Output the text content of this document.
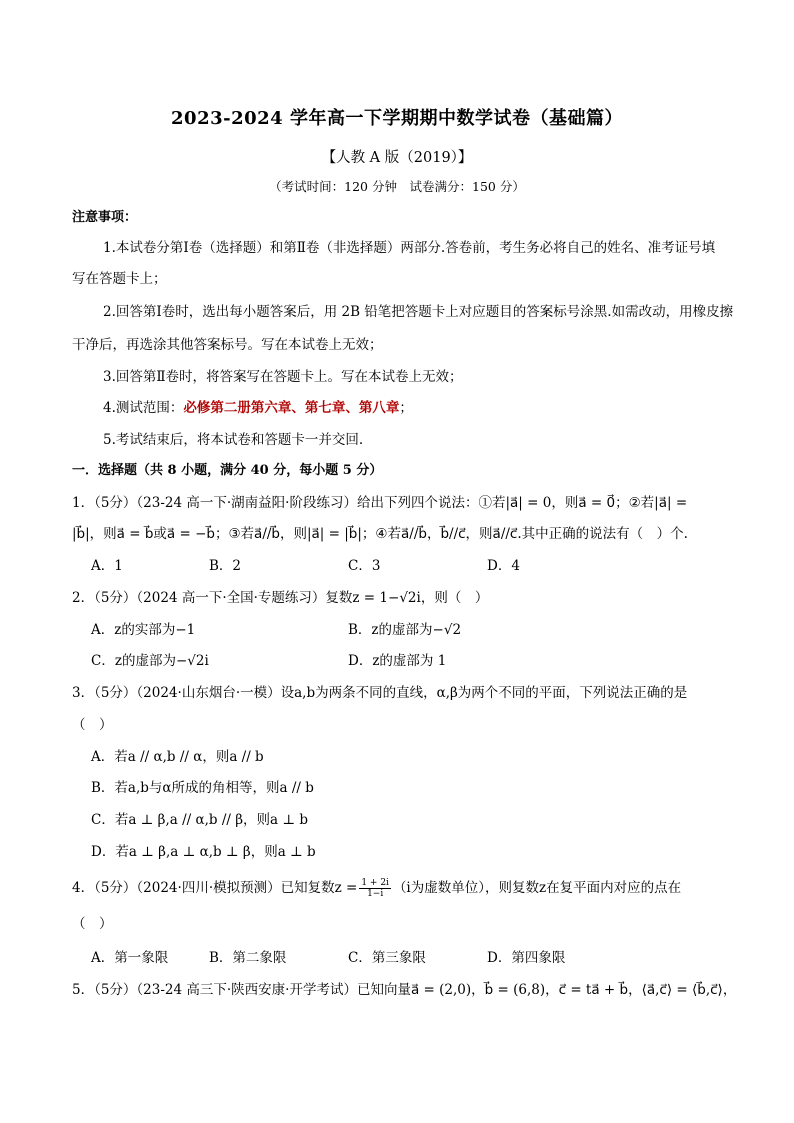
2023-2024 学年高一下学期期中数学试卷（基础篇）
【人教 A 版（2019）】
（考试时间：120 分钟　试卷满分：150 分）
注意事项：
1.本试卷分第Ⅰ卷（选择题）和第Ⅱ卷（非选择题）两部分.答卷前，考生务必将自己的姓名、准考证号填
写在答题卡上；
2.回答第Ⅰ卷时，选出每小题答案后，用 2B 铅笔把答题卡上对应题目的答案标号涂黑.如需改动，用橡皮擦
干净后，再选涂其他答案标号。写在本试卷上无效；
3.回答第Ⅱ卷时，将答案写在答题卡上。写在本试卷上无效；
4.测试范围：必修第二册第六章、第七章、第八章；
5.考试结束后，将本试卷和答题卡一并交回.
一．选择题（共 8 小题，满分 40 分，每小题 5 分）
1．（5分）（23-24 高一下·湖南益阳·阶段练习）给出下列四个说法：①若|a⃗| = 0，则a⃗ = 0⃗；②若|a⃗| =
|b⃗|，则a⃗ = b⃗或a⃗ = −b⃗；③若a⃗//b⃗，则|a⃗| = |b⃗|；④若a⃗//b⃗，b⃗//c⃗，则a⃗//c⃗.其中正确的说法有（　）个.
A．1	B．2	C．3	D．4
2．（5分）（2024 高一下·全国·专题练习）复数z = 1−√2i，则（　）
A．z的实部为−1	B．z的虚部为−√2
C．z的虚部为−√2i	D．z的虚部为 1
3．（5分）（2024·山东烟台·一模）设a,b为两条不同的直线，α,β为两个不同的平面，下列说法正确的是
（　）
A．若a // α,b // α，则a // b
B．若a,b与α所成的角相等，则a // b
C．若a ⊥ β,a // α,b // β，则a ⊥ b
D．若a ⊥ β,a ⊥ α,b ⊥ β，则a ⊥ b
4．（5分）（2024·四川·模拟预测）已知复数$z = \frac{1 + 2i}{1-i} (i$为虚数单位），则复数z在复平面内对应的点在
（　）
A．第一象限	B．第二象限	C．第三象限	D．第四象限
5．（5分）（23-24 高三下·陕西安康·开学考试）已知向量a⃗ = (2,0)，b⃗ = (6,8)，c⃗ = ta⃗ + b⃗，⟨a⃗,c⃗⟩ = ⟨b⃗,c⃗⟩，
